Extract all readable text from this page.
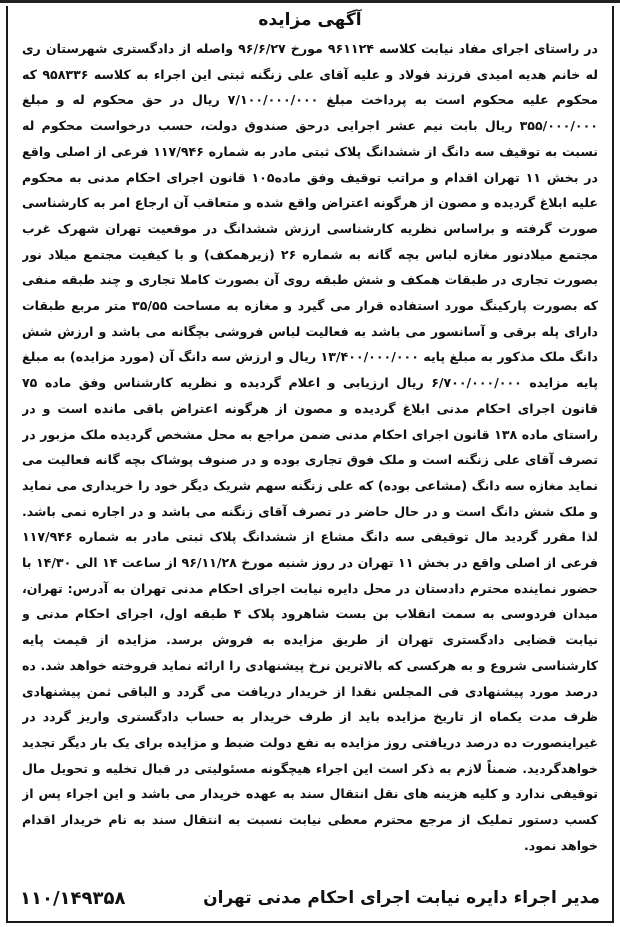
آگهی مزایده
در راستای اجرای مفاد نیابت کلاسه ۹۶۱۱۲۴ مورخ ۹۶/۶/۲۷ واصله از دادگستری شهرستان ری له خانم هدیه امیدی فرزند فولاد و علیه آقای علی زنگنه ثبتی این اجراء به کلاسه ۹۵۸۳۳۶ که محکوم علیه محکوم است به پرداخت مبلغ ۷/۱۰۰/۰۰۰/۰۰۰ ریال در حق محکوم له و مبلغ ۳۵۵/۰۰۰/۰۰۰ ریال بابت نیم عشر اجرایی درحق صندوق دولت، حسب درخواست محکوم له نسبت به توقیف سه دانگ از ششدانگ پلاک ثبتی مادر به شماره ۱۱۷/۹۴۶ فرعی از اصلی واقع در بخش ۱۱ تهران اقدام و مراتب توقیف وفق ماده۱۰۵ قانون اجرای احکام مدنی به محکوم علیه ابلاغ گردیده و مصون از هرگونه اعتراض واقع شده و متعاقب آن ارجاع امر به کارشناسی صورت گرفته و براساس نظریه کارشناسی ارزش ششدانگ در موقعیت تهران شهرک غرب مجتمع میلادنور مغازه لباس بچه گانه به شماره ۲۶ (زیرهمکف) و با کیفیت مجتمع میلاد نور بصورت تجاری در طبقات همکف و شش طبقه روی آن بصورت کاملا تجاری و چند طبقه منفی که بصورت پارکینگ مورد استفاده قرار می گیرد و مغازه به مساحت ۳۵/۵۵ متر مربع طبقات دارای پله برقی و آسانسور می باشد به فعالیت لباس فروشی بچگانه می باشد و ارزش شش دانگ ملک مذکور به مبلغ پایه ۱۳/۴۰۰/۰۰۰/۰۰۰ ریال و ارزش سه دانگ آن (مورد مزایده) به مبلغ پایه مزایده ۶/۷۰۰/۰۰۰/۰۰۰ ریال ارزیابی و اعلام گردیده و نظریه کارشناس وفق ماده ۷۵ قانون اجرای احکام مدنی ابلاغ گردیده و مصون از هرگونه اعتراض باقی مانده است و در راستای ماده ۱۳۸ قانون اجرای احکام مدنی ضمن مراجع به محل مشخص گردیده ملک مزبور در تصرف آقای علی زنگنه است و ملک فوق تجاری بوده و در صنوف پوشاک بچه گانه فعالیت می نماید مغازه سه دانگ (مشاعی بوده) که علی زنگنه سهم شریک دیگر خود را خریداری می نماید و ملک شش دانگ است و در حال حاضر در تصرف آقای زنگنه می باشد و در اجاره نمی باشد. لذا مقرر گردید مال توقیفی سه دانگ مشاع از ششدانگ پلاک ثبتی مادر به شماره ۱۱۷/۹۴۶ فرعی از اصلی واقع در بخش ۱۱ تهران در روز شنبه مورخ ۹۶/۱۱/۲۸ از ساعت ۱۴ الی ۱۴/۳۰ با حضور نماینده محترم دادستان در محل دایره نیابت اجرای احکام مدنی تهران به آدرس: تهران، میدان فردوسی به سمت انقلاب بن بست شاهرود پلاک ۴ طبقه اول، اجرای احکام مدنی و نیابت قضایی دادگستری تهران از طریق مزایده به فروش برسد. مزایده از قیمت پایه کارشناسی شروع و به هرکسی که بالاترین نرخ پیشنهادی را ارائه نماید فروخته خواهد شد. ده درصد مورد پیشنهادی فی المجلس نقدا از خریدار دریافت می گردد و الباقی ثمن پیشنهادی ظرف مدت یکماه از تاریخ مزایده باید از طرف خریدار به حساب دادگستری واریز گردد در غیراینصورت ده درصد دریافتی روز مزایده به نفع دولت ضبط و مزایده برای یک بار دیگر تجدید خواهدگردید. ضمناً لازم به ذکر است این اجراء هیچگونه مسئولیتی در قبال تخلیه و تحویل مال توقیفی ندارد و کلیه هزینه های نقل انتقال سند به عهده خریدار می باشد و این اجراء پس از کسب دستور تملیک از مرجع محترم معطی نیابت نسبت به انتقال سند به نام خریدار اقدام خواهد نمود.
مدیر اجراء دایره نیابت اجرای احکام مدنی تهران
۱۱۰/۱۴۹۳۵۸
